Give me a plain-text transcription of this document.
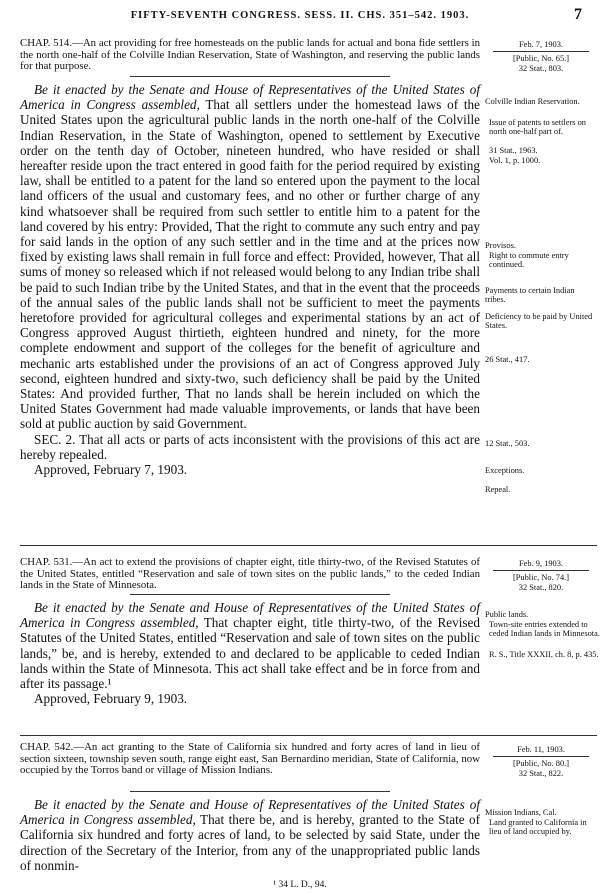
FIFTY-SEVENTH CONGRESS. SESS. II. CHS. 351–542. 1903.	7

CHAP. 514.—An act providing for free homesteads on the public lands for actual and bona fide settlers in the north one-half of the Colville Indian Reservation, State of Washington, and reserving the public lands for that purpose.

Be it enacted by the Senate and House of Representatives of the United States of America in Congress assembled, That all settlers under the homestead laws of the United States upon the agricultural public lands in the north one-half of the Colville Indian Reservation, in the State of Washington, opened to settlement by Executive order on the tenth day of October, nineteen hundred, who have resided or shall hereafter reside upon the tract entered in good faith for the period required by existing law, shall be entitled to a patent for the land so entered upon the payment to the local land officers of the usual and customary fees, and no other or further charge of any kind whatsoever shall be required from such settler to entitle him to a patent for the land covered by his entry: Provided, That the right to commute any such entry and pay for said lands in the option of any such settler and in the time and at the prices now fixed by existing laws shall remain in full force and effect: Provided, however, That all sums of money so released which if not released would belong to any Indian tribe shall be paid to such Indian tribe by the United States, and that in the event that the proceeds of the annual sales of the public lands shall not be sufficient to meet the payments heretofore provided for agricultural colleges and experimental stations by an act of Congress approved August thirtieth, eighteen hundred and ninety, for the more complete endowment and support of the colleges for the benefit of agriculture and mechanic arts established under the provisions of an act of Congress approved July second, eighteen hundred and sixty-two, such deficiency shall be paid by the United States: And provided further, That no lands shall be herein included on which the United States Government had made valuable improvements, or lands that have been sold at public auction by said Government.

SEC. 2. That all acts or parts of acts inconsistent with the provisions of this act are hereby repealed.

Approved, February 7, 1903.

CHAP. 531.—An act to extend the provisions of chapter eight, title thirty-two, of the Revised Statutes of the United States, entitled “Reservation and sale of town sites on the public lands,” to the ceded Indian lands in the State of Minnesota.

Be it enacted by the Senate and House of Representatives of the United States of America in Congress assembled, That chapter eight, title thirty-two, of the Revised Statutes of the United States, entitled “Reservation and sale of town sites on the public lands,” be, and is hereby, extended to and declared to be applicable to ceded Indian lands within the State of Minnesota. This act shall take effect and be in force from and after its passage.¹

Approved, February 9, 1903.

CHAP. 542.—An act granting to the State of California six hundred and forty acres of land in lieu of section sixteen, township seven south, range eight east, San Bernardino meridian, State of California, now occupied by the Torros band or village of Mission Indians.

Be it enacted by the Senate and House of Representatives of the United States of America in Congress assembled, That there be, and is hereby, granted to the State of California six hundred and forty acres of land, to be selected by said State, under the direction of the Secretary of the Interior, from any of the unappropriated public lands of nonmin-

Feb. 7, 1903.
[Public, No. 65.]
32 Stat., 803.
Colville Indian Reservation.
Issue of patents to settlers on north one-half part of.
31 Stat., 1963.
Vol. 1, p. 1000.
Provisos.
Right to commute entry continued.
Payments to certain Indian tribes.
Deficiency to be paid by United States.
26 Stat., 417.
12 Stat., 503.
Exceptions.
Repeal.
Feb. 9, 1903.
[Public, No. 74.]
32 Stat., 820.
Public lands.
Town-site entries extended to ceded Indian lands in Minnesota.
R. S., Title XXXII, ch. 8, p. 435.
Feb. 11, 1903.
[Public, No. 80.]
32 Stat., 822.
Mission Indians, Cal.
Land granted to California in lieu of land occupied by.
¹ 34 L. D., 94.
